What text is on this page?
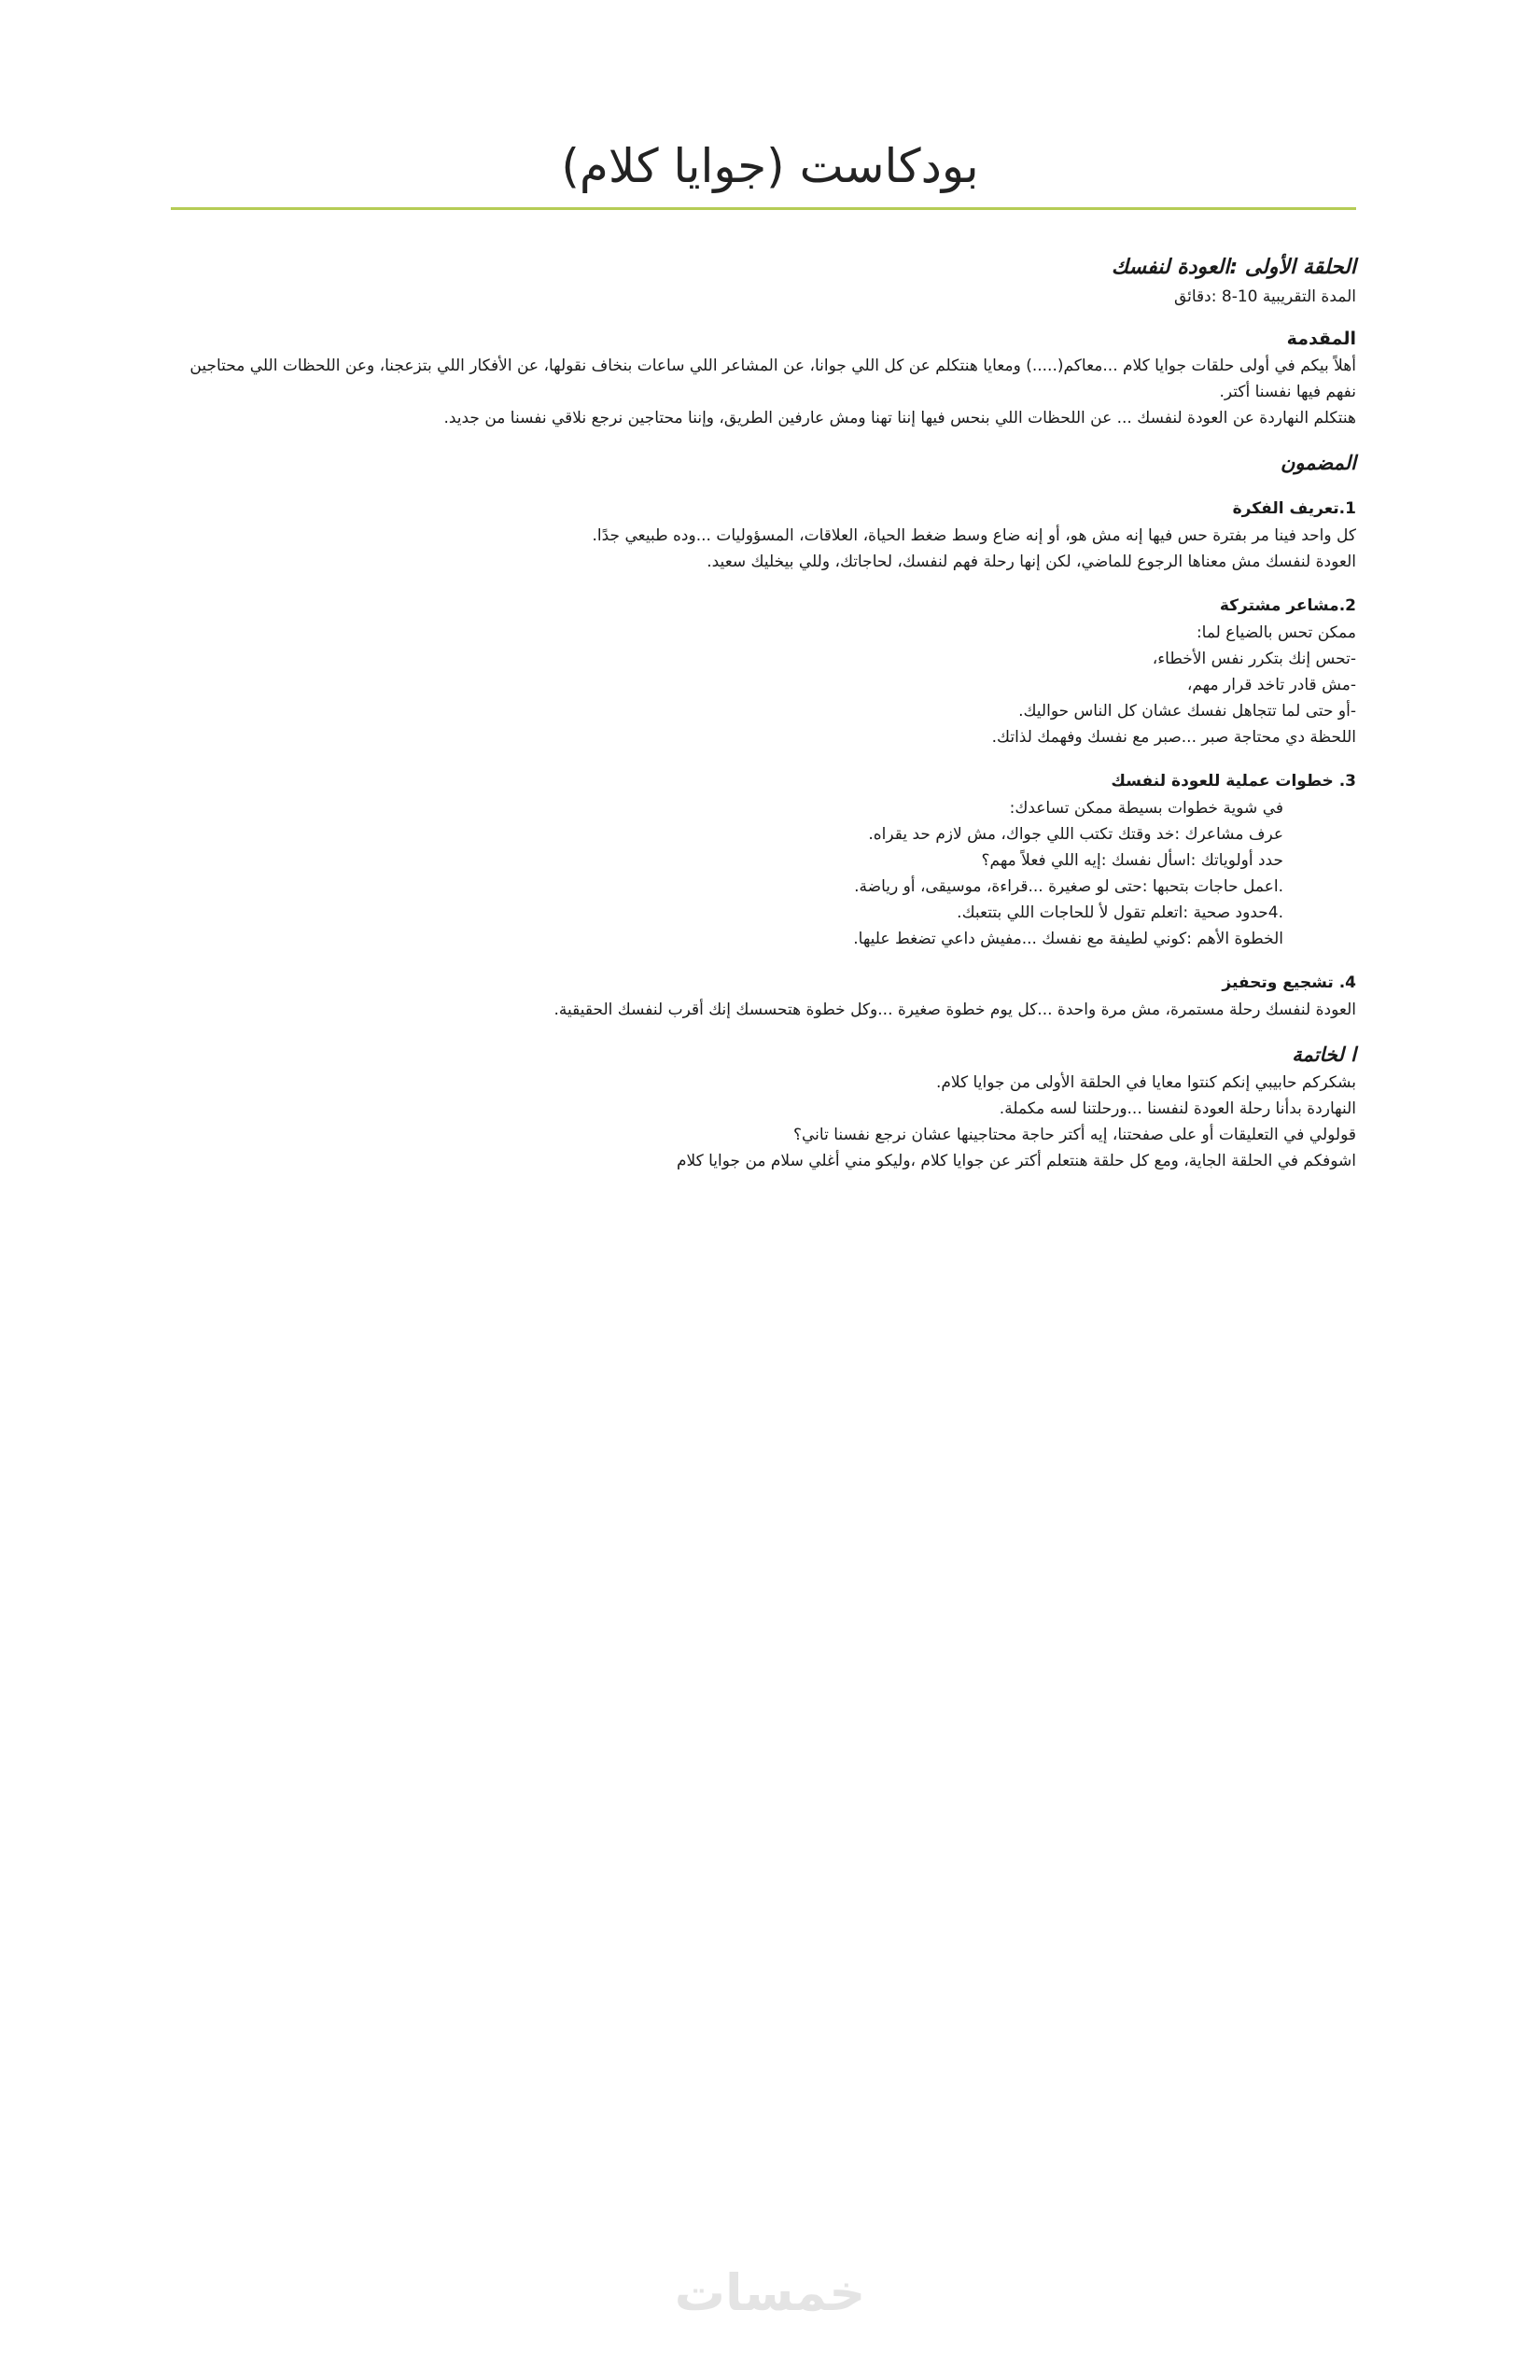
بودكاست (جوايا كلام)

الحلقة الأولى :العودة لنفسك

المدة التقريبية 10-8 :دقائق

المقدمة

أهلاً بيكم في أولى حلقات جوايا كلام ...معاكم(.....) ومعايا هنتكلم عن كل اللي جوانا، عن المشاعر اللي ساعات بنخاف نقولها، عن الأفكار اللي بتزعجنا، وعن اللحظات اللي محتاجين

نفهم فيها نفسنا أكتر.

هنتكلم النهاردة عن العودة لنفسك ... عن اللحظات اللي بنحس فيها إننا تهنا ومش عارفين الطريق، وإننا محتاجين نرجع نلاقي نفسنا من جديد.

المضمون

1.تعريف الفكرة

كل واحد فينا مر بفترة حس فيها إنه مش هو، أو إنه ضاع وسط ضغط الحياة، العلاقات، المسؤوليات ...وده طبيعي جدًا.

العودة لنفسك مش معناها الرجوع للماضي، لكن إنها رحلة فهم لنفسك، لحاجاتك، وللي بيخليك سعيد.

2.مشاعر مشتركة

ممكن تحس بالضياع لما:

-تحس إنك بتكرر نفس الأخطاء،

-مش قادر تاخد قرار مهم،

-أو حتى لما تتجاهل نفسك عشان كل الناس حواليك.

اللحظة دي محتاجة صبر ...صبر مع نفسك وفهمك لذاتك.

3. خطوات عملية للعودة لنفسك

في شوية خطوات بسيطة ممكن تساعدك:

عرف مشاعرك :خد وقتك تكتب اللي جواك، مش لازم حد يقراه.

حدد أولوياتك :اسأل نفسك :إيه اللي فعلاً مهم؟

.اعمل حاجات بتحبها :حتى لو صغيرة ...قراءة، موسيقى، أو رياضة.

.4حدود صحية :اتعلم تقول لأ للحاجات اللي بتتعبك.

الخطوة الأهم :كوني لطيفة مع نفسك ...مفيش داعي تضغط عليها.

4. تشجيع وتحفيز

العودة لنفسك رحلة مستمرة، مش مرة واحدة ...كل يوم خطوة صغيرة ...وكل خطوة هتحسسك إنك أقرب لنفسك الحقيقية.

ا لخاتمة

بشكركم حابيبي إنكم كنتوا معايا في الحلقة الأولى من جوايا كلام.

النهاردة بدأنا رحلة العودة لنفسنا ...ورحلتنا لسه مكملة.

قولولي في التعليقات أو على صفحتنا، إيه أكتر حاجة محتاجينها عشان نرجع نفسنا تاني؟

اشوفكم في الحلقة الجاية، ومع كل حلقة هنتعلم أكتر عن جوايا كلام ،وليكو مني أغلي سلام من جوايا كلام

خمسات
